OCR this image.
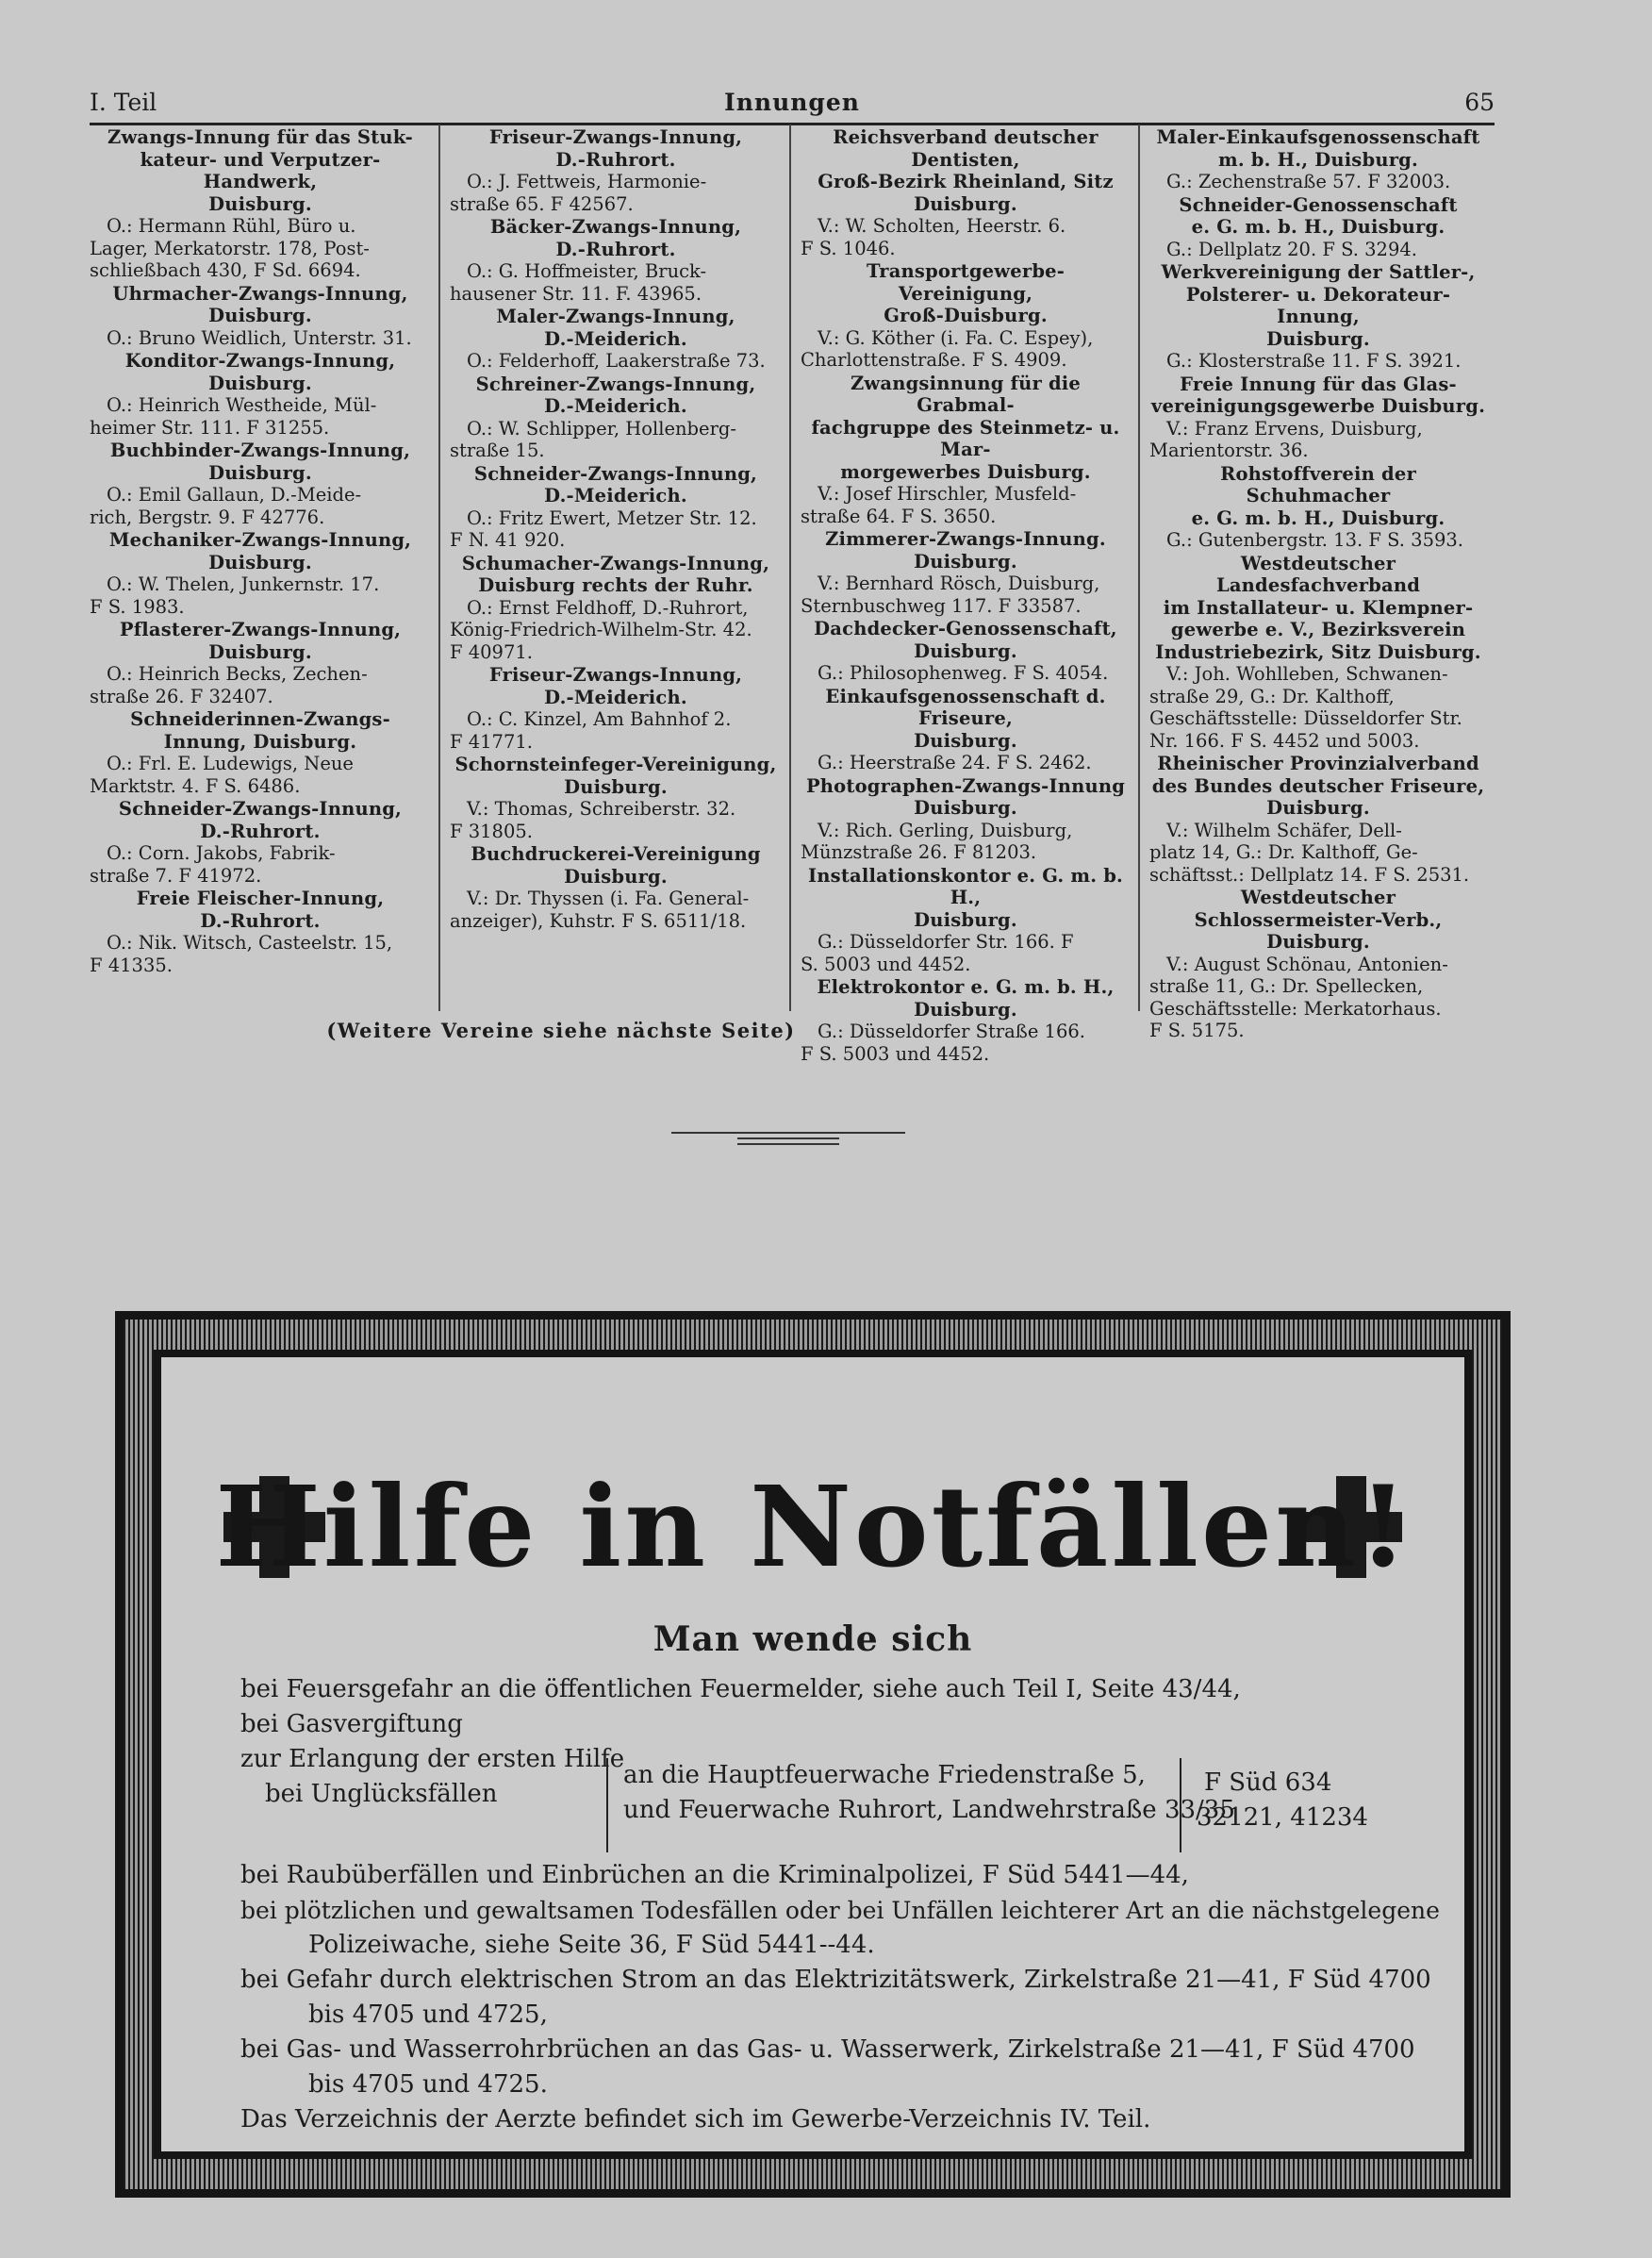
I. Teil	Innungen	65
Zwangs-Innung für das Stuk-
kateur- und Verputzer-Handwerk,
Duisburg.
O.: Hermann Rühl, Büro u.
Lager, Merkatorstr. 178, Post-
schließbach 430, F Sd. 6694.
Uhrmacher-Zwangs-Innung,
Duisburg.
O.: Bruno Weidlich, Unterstr. 31.
Konditor-Zwangs-Innung,
Duisburg.
O.: Heinrich Westheide, Mül-
heimer Str. 111. F 31255.
Buchbinder-Zwangs-Innung,
Duisburg.
O.: Emil Gallaun, D.-Meide-
rich, Bergstr. 9. F 42776.
Mechaniker-Zwangs-Innung,
Duisburg.
O.: W. Thelen, Junkernstr. 17.
F S. 1983.
Pflasterer-Zwangs-Innung,
Duisburg.
O.: Heinrich Becks, Zechen-
straße 26. F 32407.
Schneiderinnen-Zwangs-
Innung, Duisburg.
O.: Frl. E. Ludewigs, Neue
Marktstr. 4. F S. 6486.
Schneider-Zwangs-Innung,
D.-Ruhrort.
O.: Corn. Jakobs, Fabrik-
straße 7. F 41972.
Freie Fleischer-Innung,
D.-Ruhrort.
O.: Nik. Witsch, Casteelstr. 15,
F 41335.
Friseur-Zwangs-Innung,
D.-Ruhrort.
O.: J. Fettweis, Harmonie-
straße 65. F 42567.
Bäcker-Zwangs-Innung,
D.-Ruhrort.
O.: G. Hoffmeister, Bruck-
hausener Str. 11. F. 43965.
Maler-Zwangs-Innung,
D.-Meiderich.
O.: Felderhoff, Laakerstraße 73.
Schreiner-Zwangs-Innung,
D.-Meiderich.
O.: W. Schlipper, Hollenberg-
straße 15.
Schneider-Zwangs-Innung,
D.-Meiderich.
O.: Fritz Ewert, Metzer Str. 12.
F N. 41 920.
Schumacher-Zwangs-Innung,
Duisburg rechts der Ruhr.
O.: Ernst Feldhoff, D.-Ruhrort,
König-Friedrich-Wilhelm-Str. 42.
F 40971.
Friseur-Zwangs-Innung,
D.-Meiderich.
O.: C. Kinzel, Am Bahnhof 2.
F 41771.
Schornsteinfeger-Vereinigung,
Duisburg.
V.: Thomas, Schreiberstr. 32.
F 31805.
Buchdruckerei-Vereinigung
Duisburg.
V.: Dr. Thyssen (i. Fa. General-
anzeiger), Kuhstr. F S. 6511/18.
Reichsverband deutscher Dentisten,
Groß-Bezirk Rheinland, Sitz
Duisburg.
V.: W. Scholten, Heerstr. 6.
F S. 1046.
Transportgewerbe-Vereinigung,
Groß-Duisburg.
V.: G. Köther (i. Fa. C. Espey),
Charlottenstraße. F S. 4909.
Zwangsinnung für die Grabmal-
fachgruppe des Steinmetz- u. Mar-
morgewerbes Duisburg.
V.: Josef Hirschler, Musfeld-
straße 64. F S. 3650.
Zimmerer-Zwangs-Innung.
Duisburg.
V.: Bernhard Rösch, Duisburg,
Sternbuschweg 117. F 33587.
Dachdecker-Genossenschaft,
Duisburg.
G.: Philosophenweg. F S. 4054.
Einkaufsgenossenschaft d. Friseure,
Duisburg.
G.: Heerstraße 24. F S. 2462.
Photographen-Zwangs-Innung
Duisburg.
V.: Rich. Gerling, Duisburg,
Münzstraße 26. F 81203.
Installationskontor e. G. m. b. H.,
Duisburg.
G.: Düsseldorfer Str. 166. F
S. 5003 und 4452.
Elektrokontor e. G. m. b. H.,
Duisburg.
G.: Düsseldorfer Straße 166.
F S. 5003 und 4452.
Maler-Einkaufsgenossenschaft
m. b. H., Duisburg.
G.: Zechenstraße 57. F 32003.
Schneider-Genossenschaft
e. G. m. b. H., Duisburg.
G.: Dellplatz 20. F S. 3294.
Werkvereinigung der Sattler-,
Polsterer- u. Dekorateur-Innung,
Duisburg.
G.: Klosterstraße 11. F S. 3921.
Freie Innung für das Glas-
vereinigungsgewerbe Duisburg.
V.: Franz Ervens, Duisburg,
Marientorstr. 36.
Rohstoffverein der Schuhmacher
e. G. m. b. H., Duisburg.
G.: Gutenbergstr. 13. F S. 3593.
Westdeutscher Landesfachverband
im Installateur- u. Klempner-
gewerbe e. V., Bezirksverein
Industriebezirk, Sitz Duisburg.
V.: Joh. Wohlleben, Schwanen-
straße 29, G.: Dr. Kalthoff,
Geschäftsstelle: Düsseldorfer Str.
Nr. 166. F S. 4452 und 5003.
Rheinischer Provinzialverband
des Bundes deutscher Friseure,
Duisburg.
V.: Wilhelm Schäfer, Dell-
platz 14, G.: Dr. Kalthoff, Ge-
schäftsst.: Dellplatz 14. F S. 2531.
Westdeutscher
Schlossermeister-Verb., Duisburg.
V.: August Schönau, Antonien-
straße 11, G.: Dr. Spellecken,
Geschäftsstelle: Merkatorhaus.
F S. 5175.
(Weitere Vereine siehe nächste Seite)
Hilfe in Notfällen!
Man wende sich
bei Feuersgefahr an die öffentlichen Feuermelder, siehe auch Teil I, Seite 43/44,
bei Gasvergiftung
zur Erlangung der ersten Hilfe
bei Unglücksfällen
an die Hauptfeuerwache Friedenstraße 5,
und Feuerwache Ruhrort, Landwehrstraße 33/35
F Süd 634
32121, 41234
bei Raubüberfällen und Einbrüchen an die Kriminalpolizei, F Süd 5441—44,
bei plötzlichen und gewaltsamen Todesfällen oder bei Unfällen leichterer Art an die nächstgelegene
Polizeiwache, siehe Seite 36, F Süd 5441--44.
bei Gefahr durch elektrischen Strom an das Elektrizitätswerk, Zirkelstraße 21—41, F Süd 4700
bis 4705 und 4725,
bei Gas- und Wasserrohrbrüchen an das Gas- u. Wasserwerk, Zirkelstraße 21—41, F Süd 4700
bis 4705 und 4725.
Das Verzeichnis der Aerzte befindet sich im Gewerbe-Verzeichnis IV. Teil.
